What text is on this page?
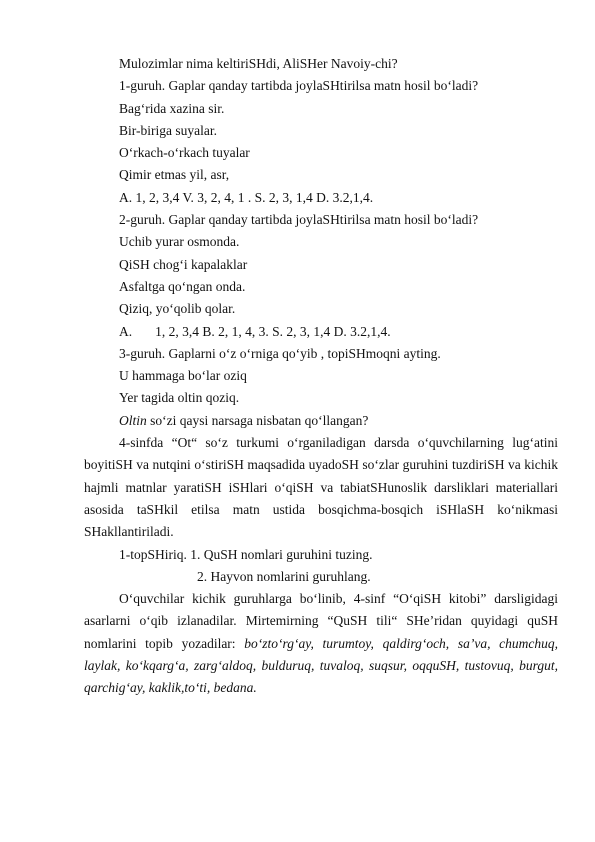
Mulozimlar nima keltiriSHdi, AliSHer Navoiy-chi?
1-guruh. Gaplar qanday tartibda joylaSHtirilsa matn hosil bo‘ladi?
Bag‘rida xazina sir.
Bir-biriga suyalar.
O‘rkach-o‘rkach tuyalar
Qimir etmas yil, asr,
A. 1, 2, 3,4 V. 3, 2, 4, 1 . S. 2, 3, 1,4 D. 3.2,1,4.
2-guruh. Gaplar qanday tartibda joylaSHtirilsa matn hosil bo‘ladi?
Uchib yurar osmonda.
QiSH chog‘i kapalaklar
Asfaltga qo‘ngan onda.
Qiziq, yo‘qolib qolar.
A. 1, 2, 3,4 B. 2, 1, 4, 3. S. 2, 3, 1,4 D. 3.2,1,4.
3-guruh. Gaplarni o‘z o‘rniga qo‘yib , topiSHmoqni ayting.
U hammaga bo‘lar oziq
Yer tagida oltin qoziq.
Oltin so‘zi qaysi narsaga nisbatan qo‘llangan?

4-sinfda “Ot“ so‘z turkumi o‘rganiladigan darsda o‘quvchilarning lug‘atini boyitiSH va nutqini o‘stiriSH maqsadida uyadoSH so‘zlar guruhini tuzdiriSH va kichik hajmli matnlar yaratiSH iSHlari o‘qiSH va tabiatSHunoslik darsliklari materiallari asosida taSHkil etilsa matn ustida bosqichma-bosqich iSHlaSH ko‘nikmasi SHakllantiriladi.

1-topSHiriq. 1. QuSH nomlari guruhini tuzing.
2. Hayvon nomlarini guruhlang.

O‘quvchilar kichik guruhlarga bo‘linib, 4-sinf “O‘qiSH kitobi” darsligidagi asarlarni o‘qib izlanadilar. Mirtemirning “QuSH tili“ SHe’ridan quyidagi quSH nomlarini topib yozadilar: bo‘zto‘rg‘ay, turumtoy, qaldirg‘och, sa’va, chumchuq, laylak, ko‘kqarg‘a, zarg‘aldoq, bulduruq, tuvaloq, suqsur, oqquSH, tustovuq, burgut, qarchig‘ay, kaklik,to‘ti, bedana.
